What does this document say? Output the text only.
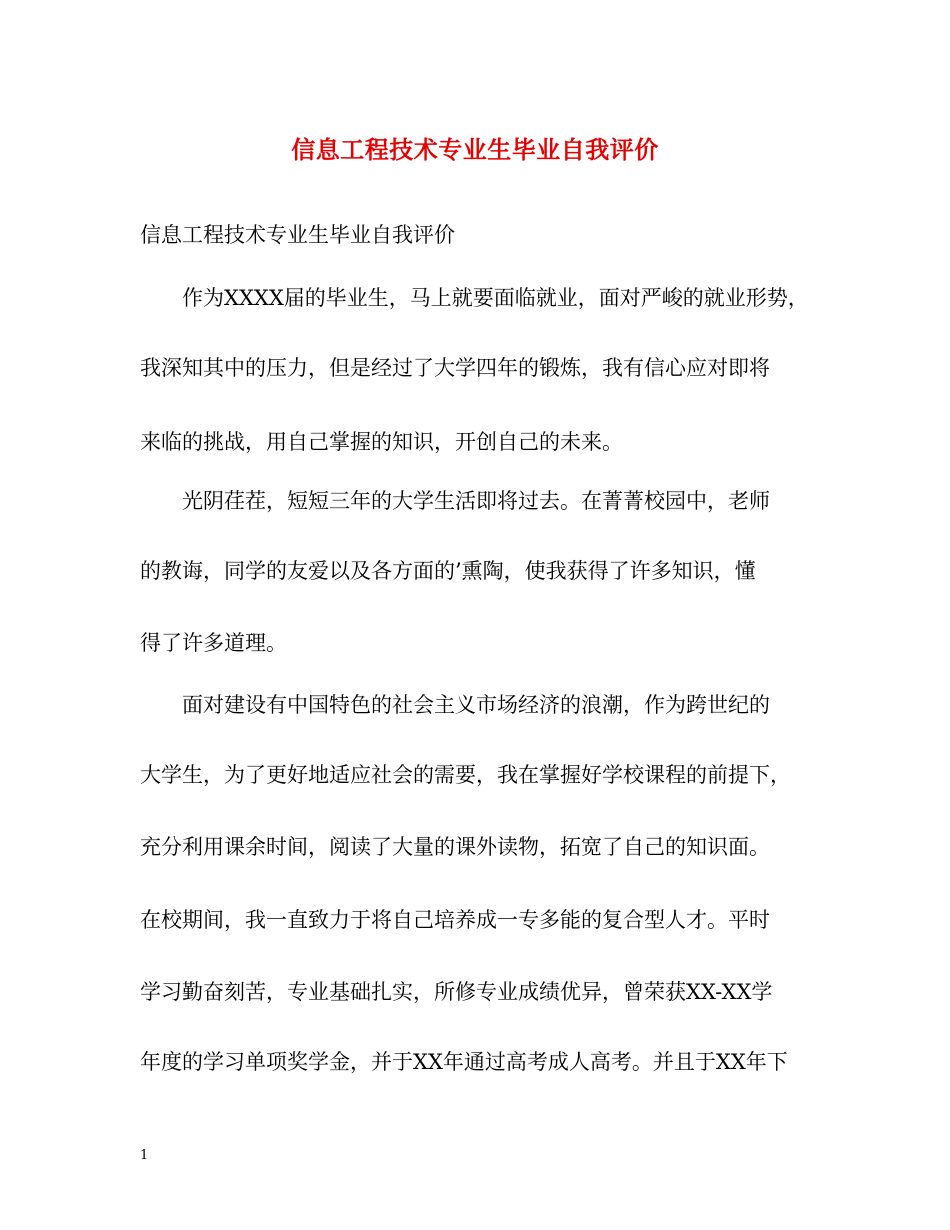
信息工程技术专业生毕业自我评价
信息工程技术专业生毕业自我评价
　　作为XXXX届的毕业生，马上就要面临就业，面对严峻的就业形势，
我深知其中的压力，但是经过了大学四年的锻炼，我有信心应对即将
来临的挑战，用自己掌握的知识，开创自己的未来。
　　光阴荏茬，短短三年的大学生活即将过去。在菁菁校园中，老师
的教诲，同学的友爱以及各方面的’熏陶，使我获得了许多知识，懂
得了许多道理。
　　面对建设有中国特色的社会主义市场经济的浪潮，作为跨世纪的
大学生，为了更好地适应社会的需要，我在掌握好学校课程的前提下，
充分利用课余时间，阅读了大量的课外读物，拓宽了自己的知识面。
在校期间，我一直致力于将自己培养成一专多能的复合型人才。平时
学习勤奋刻苦，专业基础扎实，所修专业成绩优异，曾荣获XX-XX学
年度的学习单项奖学金，并于XX年通过高考成人高考。并且于XX年下
1
